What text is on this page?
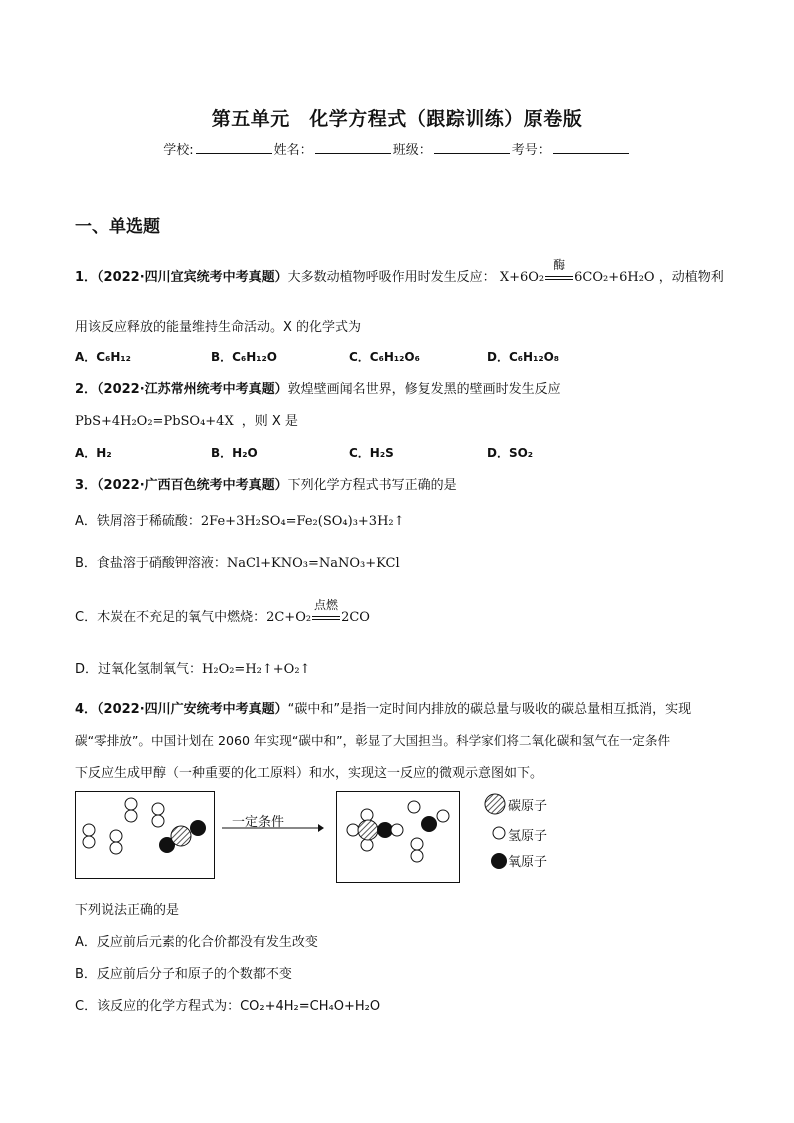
第五单元　化学方程式（跟踪训练）原卷版
学校:	姓名：	班级：	考号：
一、单选题
1．（2022·四川宜宾统考中考真题）大多数动植物呼吸作用时发生反应： X+6O₂
酶
6CO₂+6H₂O ，动植物利
用该反应释放的能量维持生命活动。X 的化学式为
A．C₆H₁₂	B．C₆H₁₂O	C．C₆H₁₂O₆	D．C₆H₁₂O₈
2．（2022·江苏常州统考中考真题）敦煌壁画闻名世界，修复发黑的壁画时发生反应
PbS+4H₂O₂=PbSO₄+4X ，则 X 是
A．H₂	B．H₂O	C．H₂S	D．SO₂
3．（2022·广西百色统考中考真题）下列化学方程式书写正确的是
A．铁屑溶于稀硫酸：2Fe+3H₂SO₄=Fe₂(SO₄)₃+3H₂↑
B．食盐溶于硝酸钾溶液：NaCl+KNO₃=NaNO₃+KCl
C．木炭在不充足的氧气中燃烧：2C+O₂
点燃
2CO
D．过氧化氢制氧气：H₂O₂=H₂↑+O₂↑
4．（2022·四川广安统考中考真题）“碳中和”是指一定时间内排放的碳总量与吸收的碳总量相互抵消，实现
碳“零排放”。中国计划在 2060 年实现“碳中和”，彰显了大国担当。科学家们将二氧化碳和氢气在一定条件
下反应生成甲醇（一种重要的化工原料）和水，实现这一反应的微观示意图如下。
一定条件
碳原子
氢原子
氧原子
下列说法正确的是
A．反应前后元素的化合价都没有发生改变
B．反应前后分子和原子的个数都不变
C．该反应的化学方程式为：CO₂+4H₂=CH₄O+H₂O
